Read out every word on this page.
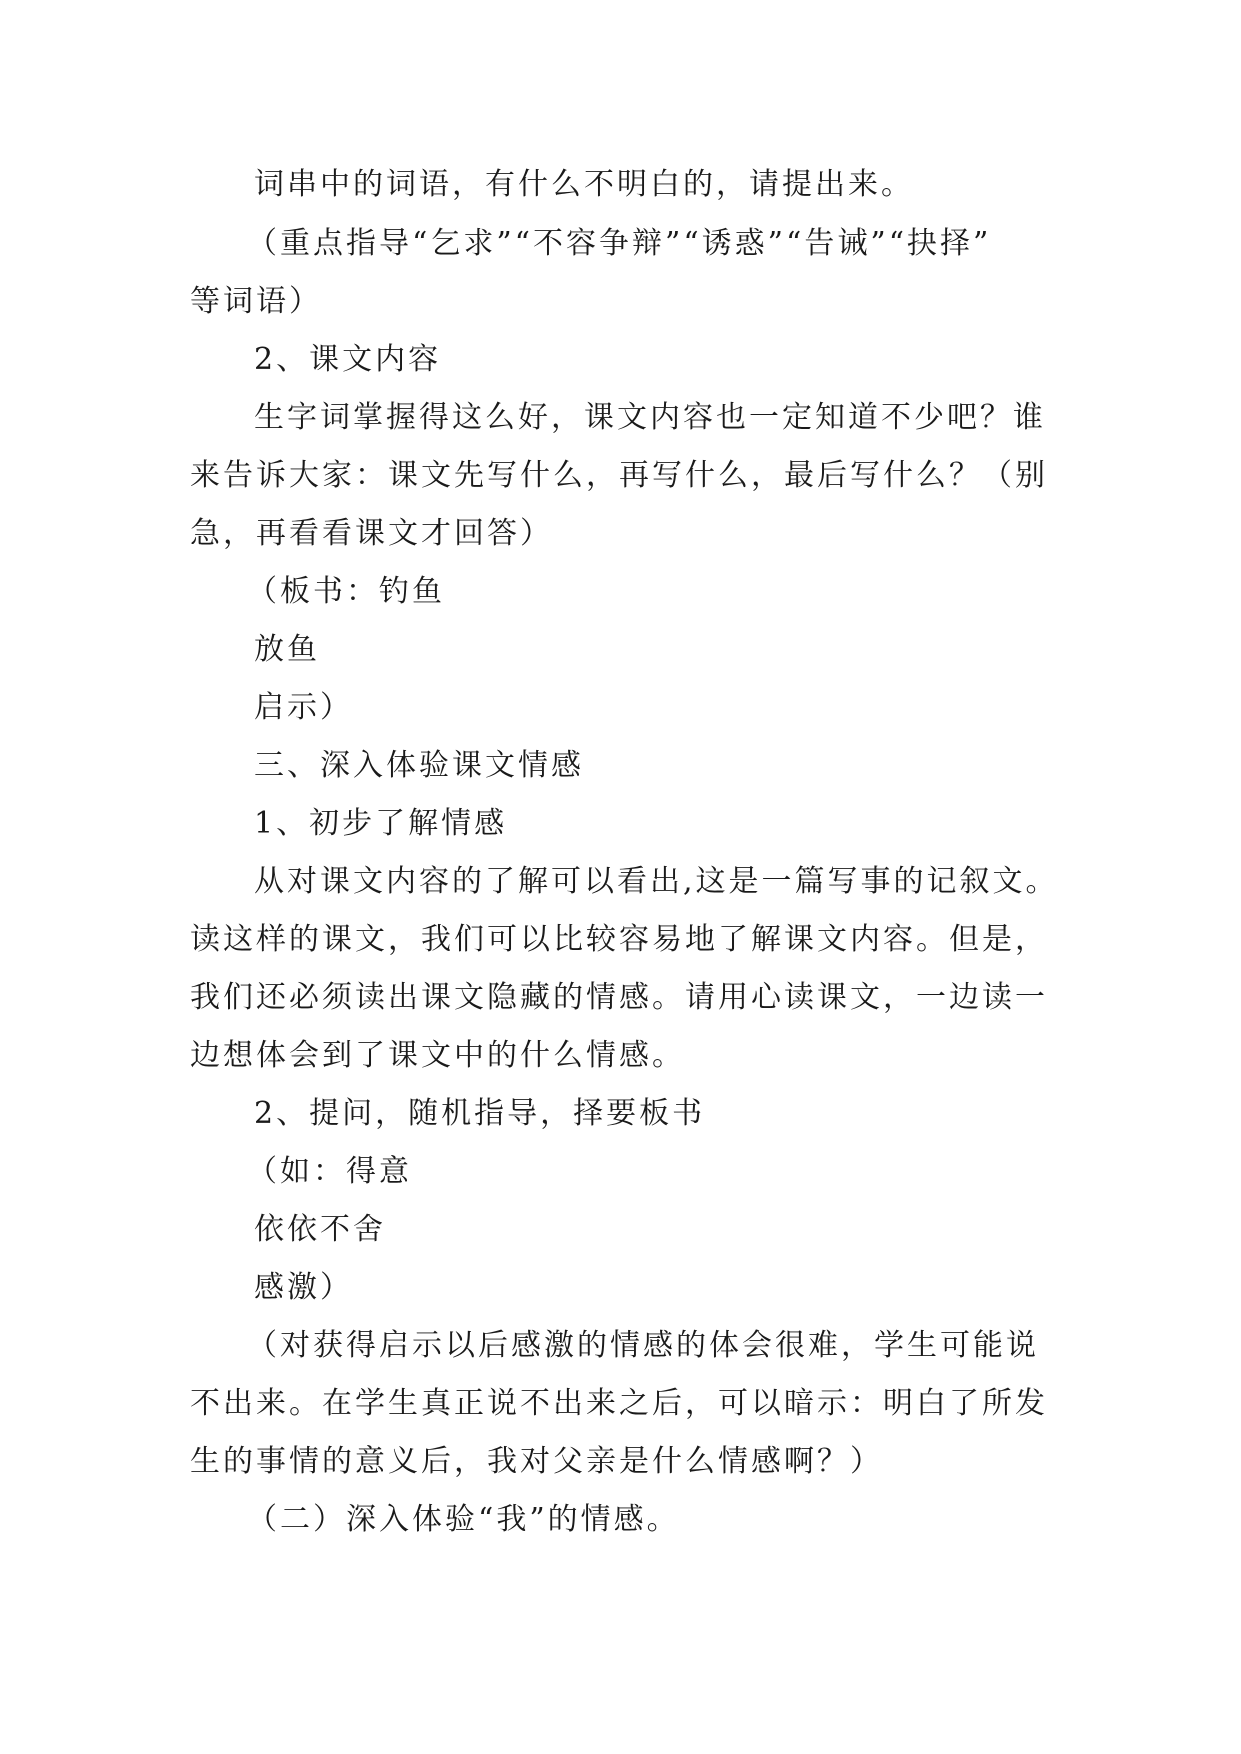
词串中的词语，有什么不明白的，请提出来。
（重点指导“乞求”“不容争辩”“诱惑”“告诫”“抉择”
等词语）
2、课文内容
生字词掌握得这么好，课文内容也一定知道不少吧？谁
来告诉大家：课文先写什么，再写什么，最后写什么？（别
急，再看看课文才回答）
（板书：钓鱼
放鱼
启示）
三、深入体验课文情感
1、初步了解情感
从对课文内容的了解可以看出,这是一篇写事的记叙文。
读这样的课文，我们可以比较容易地了解课文内容。但是，
我们还必须读出课文隐藏的情感。请用心读课文，一边读一
边想体会到了课文中的什么情感。
2、提问，随机指导，择要板书
（如：得意
依依不舍
感激）
（对获得启示以后感激的情感的体会很难，学生可能说
不出来。在学生真正说不出来之后，可以暗示：明白了所发
生的事情的意义后，我对父亲是什么情感啊？）
（二）深入体验“我”的情感。
